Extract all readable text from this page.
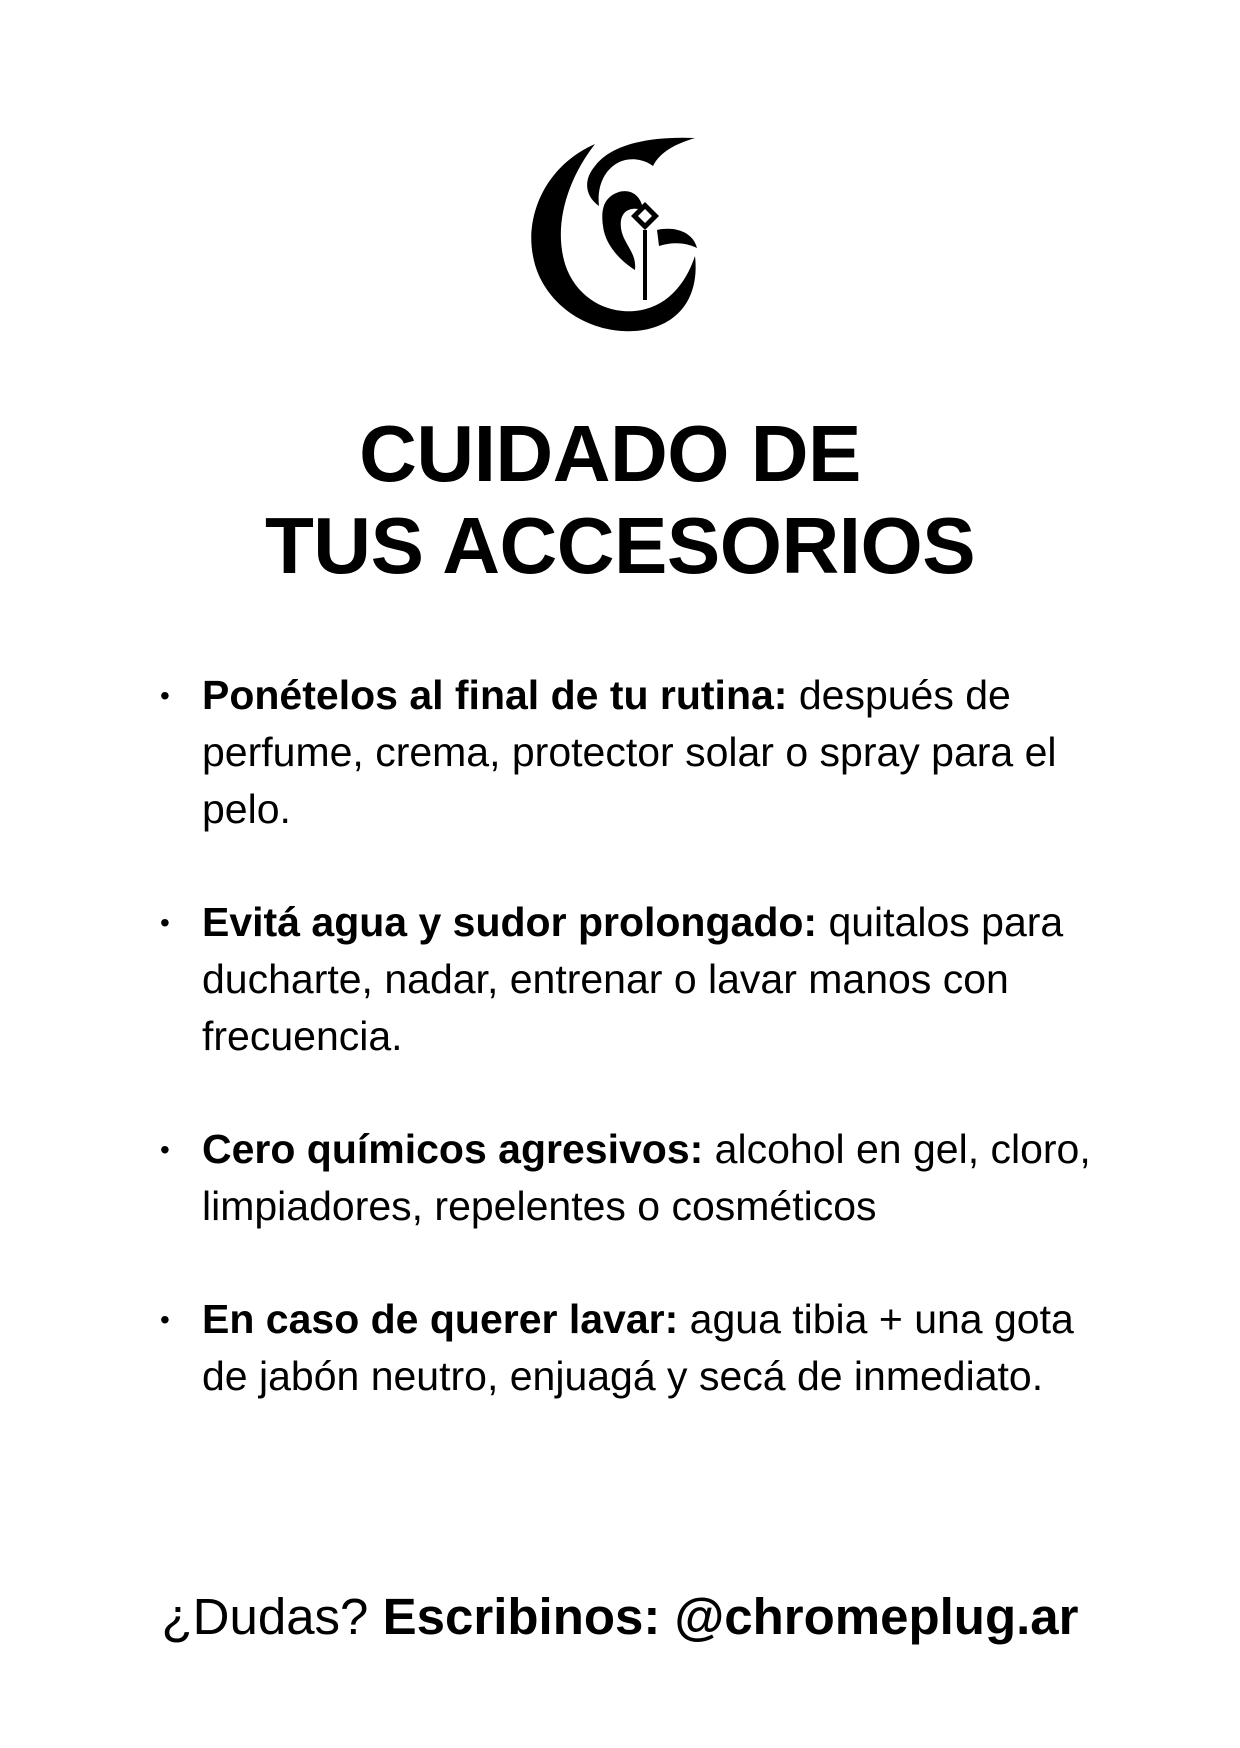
CUIDADO DE
TUS ACCESORIOS
• Ponételos al final de tu rutina: después de perfume, crema, protector solar o spray para el pelo.
• Evitá agua y sudor prolongado: quitalos para ducharte, nadar, entrenar o lavar manos con frecuencia.
• Cero químicos agresivos: alcohol en gel, cloro, limpiadores, repelentes o cosméticos
• En caso de querer lavar: agua tibia + una gota de jabón neutro, enjuagá y secá de inmediato.
¿Dudas? Escribinos: @chromeplug.ar
